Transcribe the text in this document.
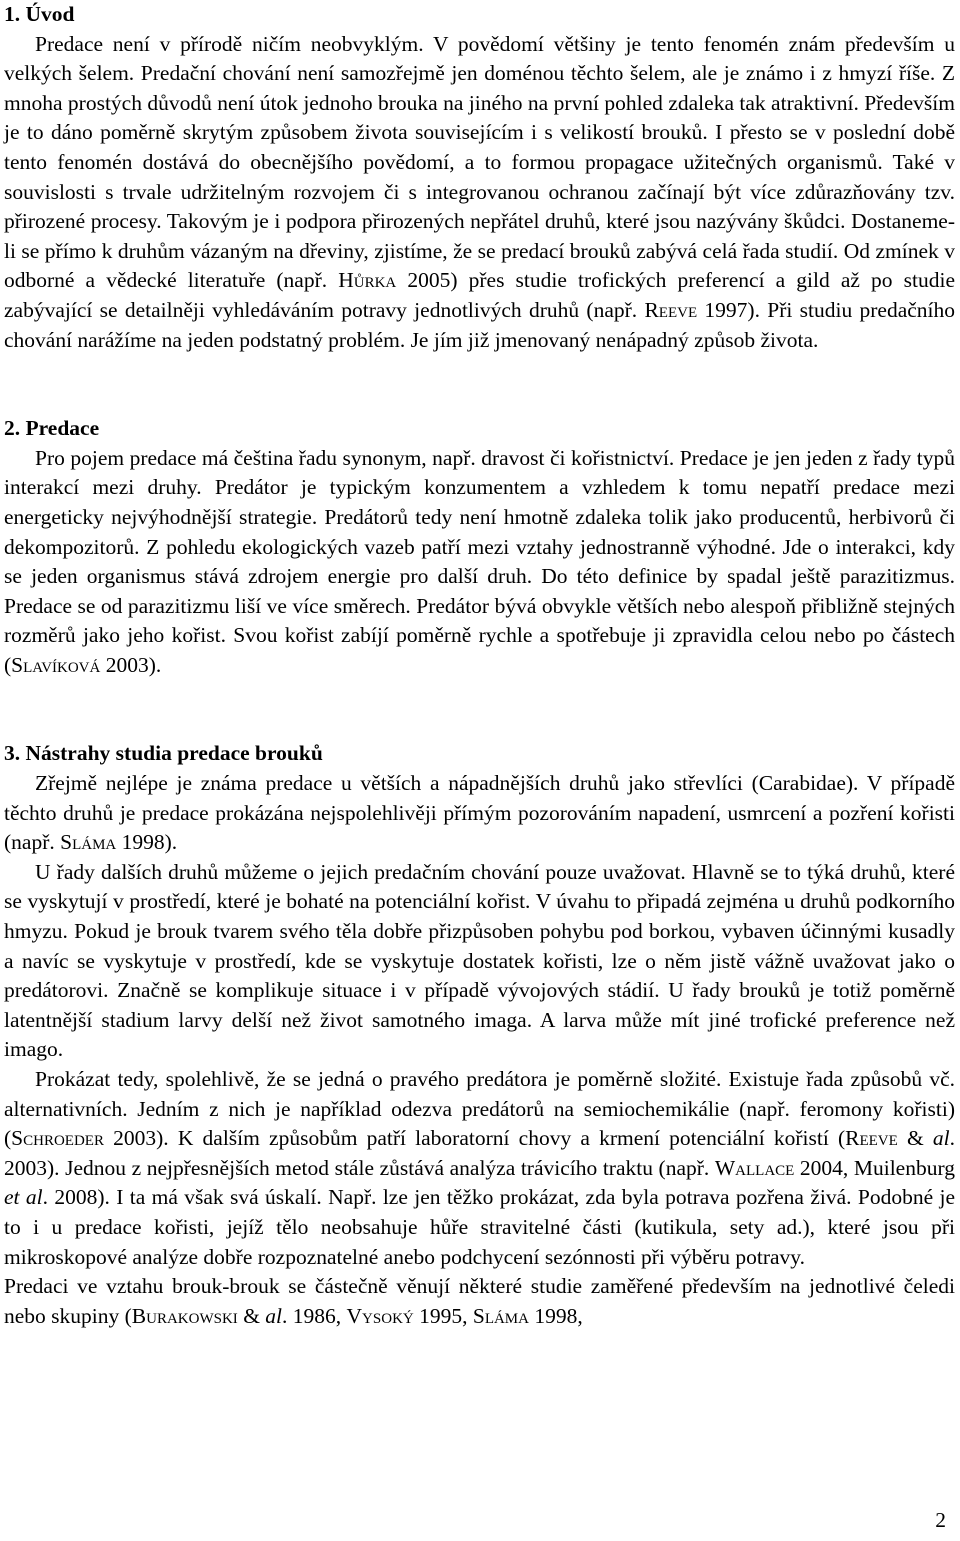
1. Úvod

Predace není v přírodě ničím neobvyklým. V povědomí většiny je tento fenomén znám především u velkých šelem. Predační chování není samozřejmě jen doménou těchto šelem, ale je známo i z hmyzí říše. Z mnoha prostých důvodů není útok jednoho brouka na jiného na první pohled zdaleka tak atraktivní. Především je to dáno poměrně skrytým způsobem života souvisejícím i s velikostí brouků. I přesto se v poslední době tento fenomén dostává do obecnějšího povědomí, a to formou propagace užitečných organismů. Také v souvislosti s trvale udržitelným rozvojem či s integrovanou ochranou začínají být více zdůrazňovány tzv. přirozené procesy. Takovým je i podpora přirozených nepřátel druhů, které jsou nazývány škůdci. Dostaneme-li se přímo k druhům vázaným na dřeviny, zjistíme, že se predací brouků zabývá celá řada studií. Od zmínek v odborné a vědecké literatuře (např. Hůrka 2005) přes studie trofických preferencí a gild až po studie zabývající se detailněji vyhledáváním potravy jednotlivých druhů (např. Reeve 1997). Při studiu predačního chování narážíme na jeden podstatný problém. Je jím již jmenovaný nenápadný způsob života.

2. Predace

Pro pojem predace má čeština řadu synonym, např. dravost či kořistnictví. Predace je jen jeden z řady typů interakcí mezi druhy. Predátor je typickým konzumentem a vzhledem k tomu nepatří predace mezi energeticky nejvýhodnější strategie. Predátorů tedy není hmotně zdaleka tolik jako producentů, herbivorů či dekompozitorů. Z pohledu ekologických vazeb patří mezi vztahy jednostranně výhodné. Jde o interakci, kdy se jeden organismus stává zdrojem energie pro další druh. Do této definice by spadal ještě parazitizmus. Predace se od parazitizmu liší ve více směrech. Predátor bývá obvykle větších nebo alespoň přibližně stejných rozměrů jako jeho kořist. Svou kořist zabíjí poměrně rychle a spotřebuje ji zpravidla celou nebo po částech (Slavíková 2003).

3. Nástrahy studia predace brouků

Zřejmě nejlépe je známa predace u větších a nápadnějších druhů jako střevlíci (Carabidae). V případě těchto druhů je predace prokázána nejspolehlivěji přímým pozorováním napadení, usmrcení a pozření kořisti (např. Sláma 1998).

U řady dalších druhů můžeme o jejich predačním chování pouze uvažovat. Hlavně se to týká druhů, které se vyskytují v prostředí, které je bohaté na potenciální kořist. V úvahu to připadá zejména u druhů podkorního hmyzu. Pokud je brouk tvarem svého těla dobře přizpůsoben pohybu pod borkou, vybaven účinnými kusadly a navíc se vyskytuje v prostředí, kde se vyskytuje dostatek kořisti, lze o něm jistě vážně uvažovat jako o predátorovi. Značně se komplikuje situace i v případě vývojových stádií. U řady brouků je totiž poměrně latentnější stadium larvy delší než život samotného imaga. A larva může mít jiné trofické preference než imago.

Prokázat tedy, spolehlivě, že se jedná o pravého predátora je poměrně složité. Existuje řada způsobů vč. alternativních. Jedním z nich je například odezva predátorů na semiochemikálie (např. feromony kořisti) (Schroeder 2003). K dalším způsobům patří laboratorní chovy a krmení potenciální kořistí (Reeve & al. 2003). Jednou z nejpřesnějších metod stále zůstává analýza trávicího traktu (např. Wallace 2004, Muilenburg et al. 2008). I ta má však svá úskalí. Např. lze jen těžko prokázat, zda byla potrava pozřena živá. Podobné je to i u predace kořisti, jejíž tělo neobsahuje hůře stravitelné části (kutikula, sety ad.), které jsou při mikroskopové analýze dobře rozpoznatelné anebo podchycení sezónnosti při výběru potravy.

Predaci ve vztahu brouk-brouk se částečně věnují některé studie zaměřené především na jednotlivé čeledi nebo skupiny (Burakowski & al. 1986, Vysoký 1995, Sláma 1998,

2
